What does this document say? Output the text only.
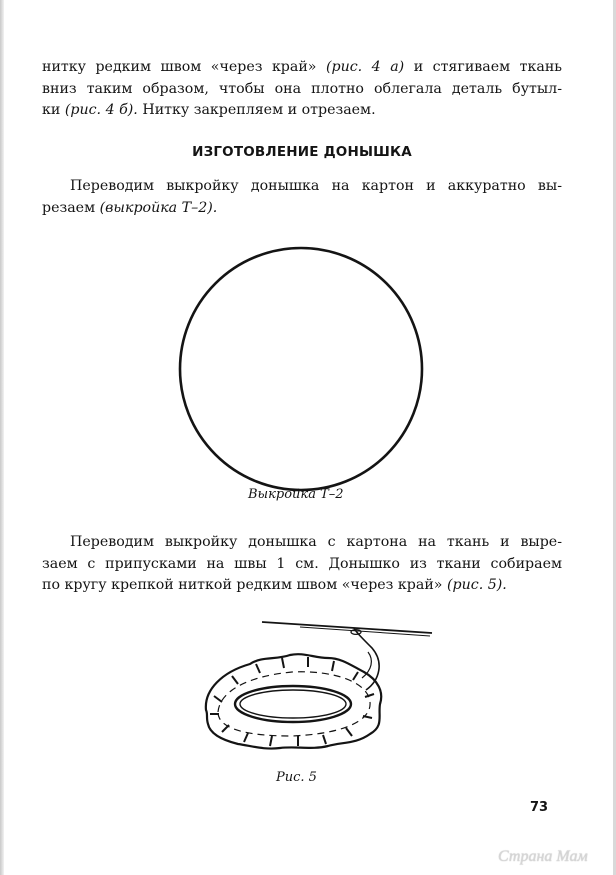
нитку редким швом «через край» (рис. 4 а) и стягиваем ткань
вниз таким образом, чтобы она плотно облегала деталь бутыл-
ки (рис. 4 б). Нитку закрепляем и отрезаем.
ИЗГОТОВЛЕНИЕ ДОНЫШКА
Переводим выкройку донышка на картон и аккуратно вы-
резаем (выкройка Т–2).

Выкройка Т–2

Переводим выкройку донышка с картона на ткань и выре-
заем с припусками на швы 1 см. Донышко из ткани собираем
по кругу крепкой ниткой редким швом «через край» (рис. 5).

Рис. 5

73

Страна Мам
